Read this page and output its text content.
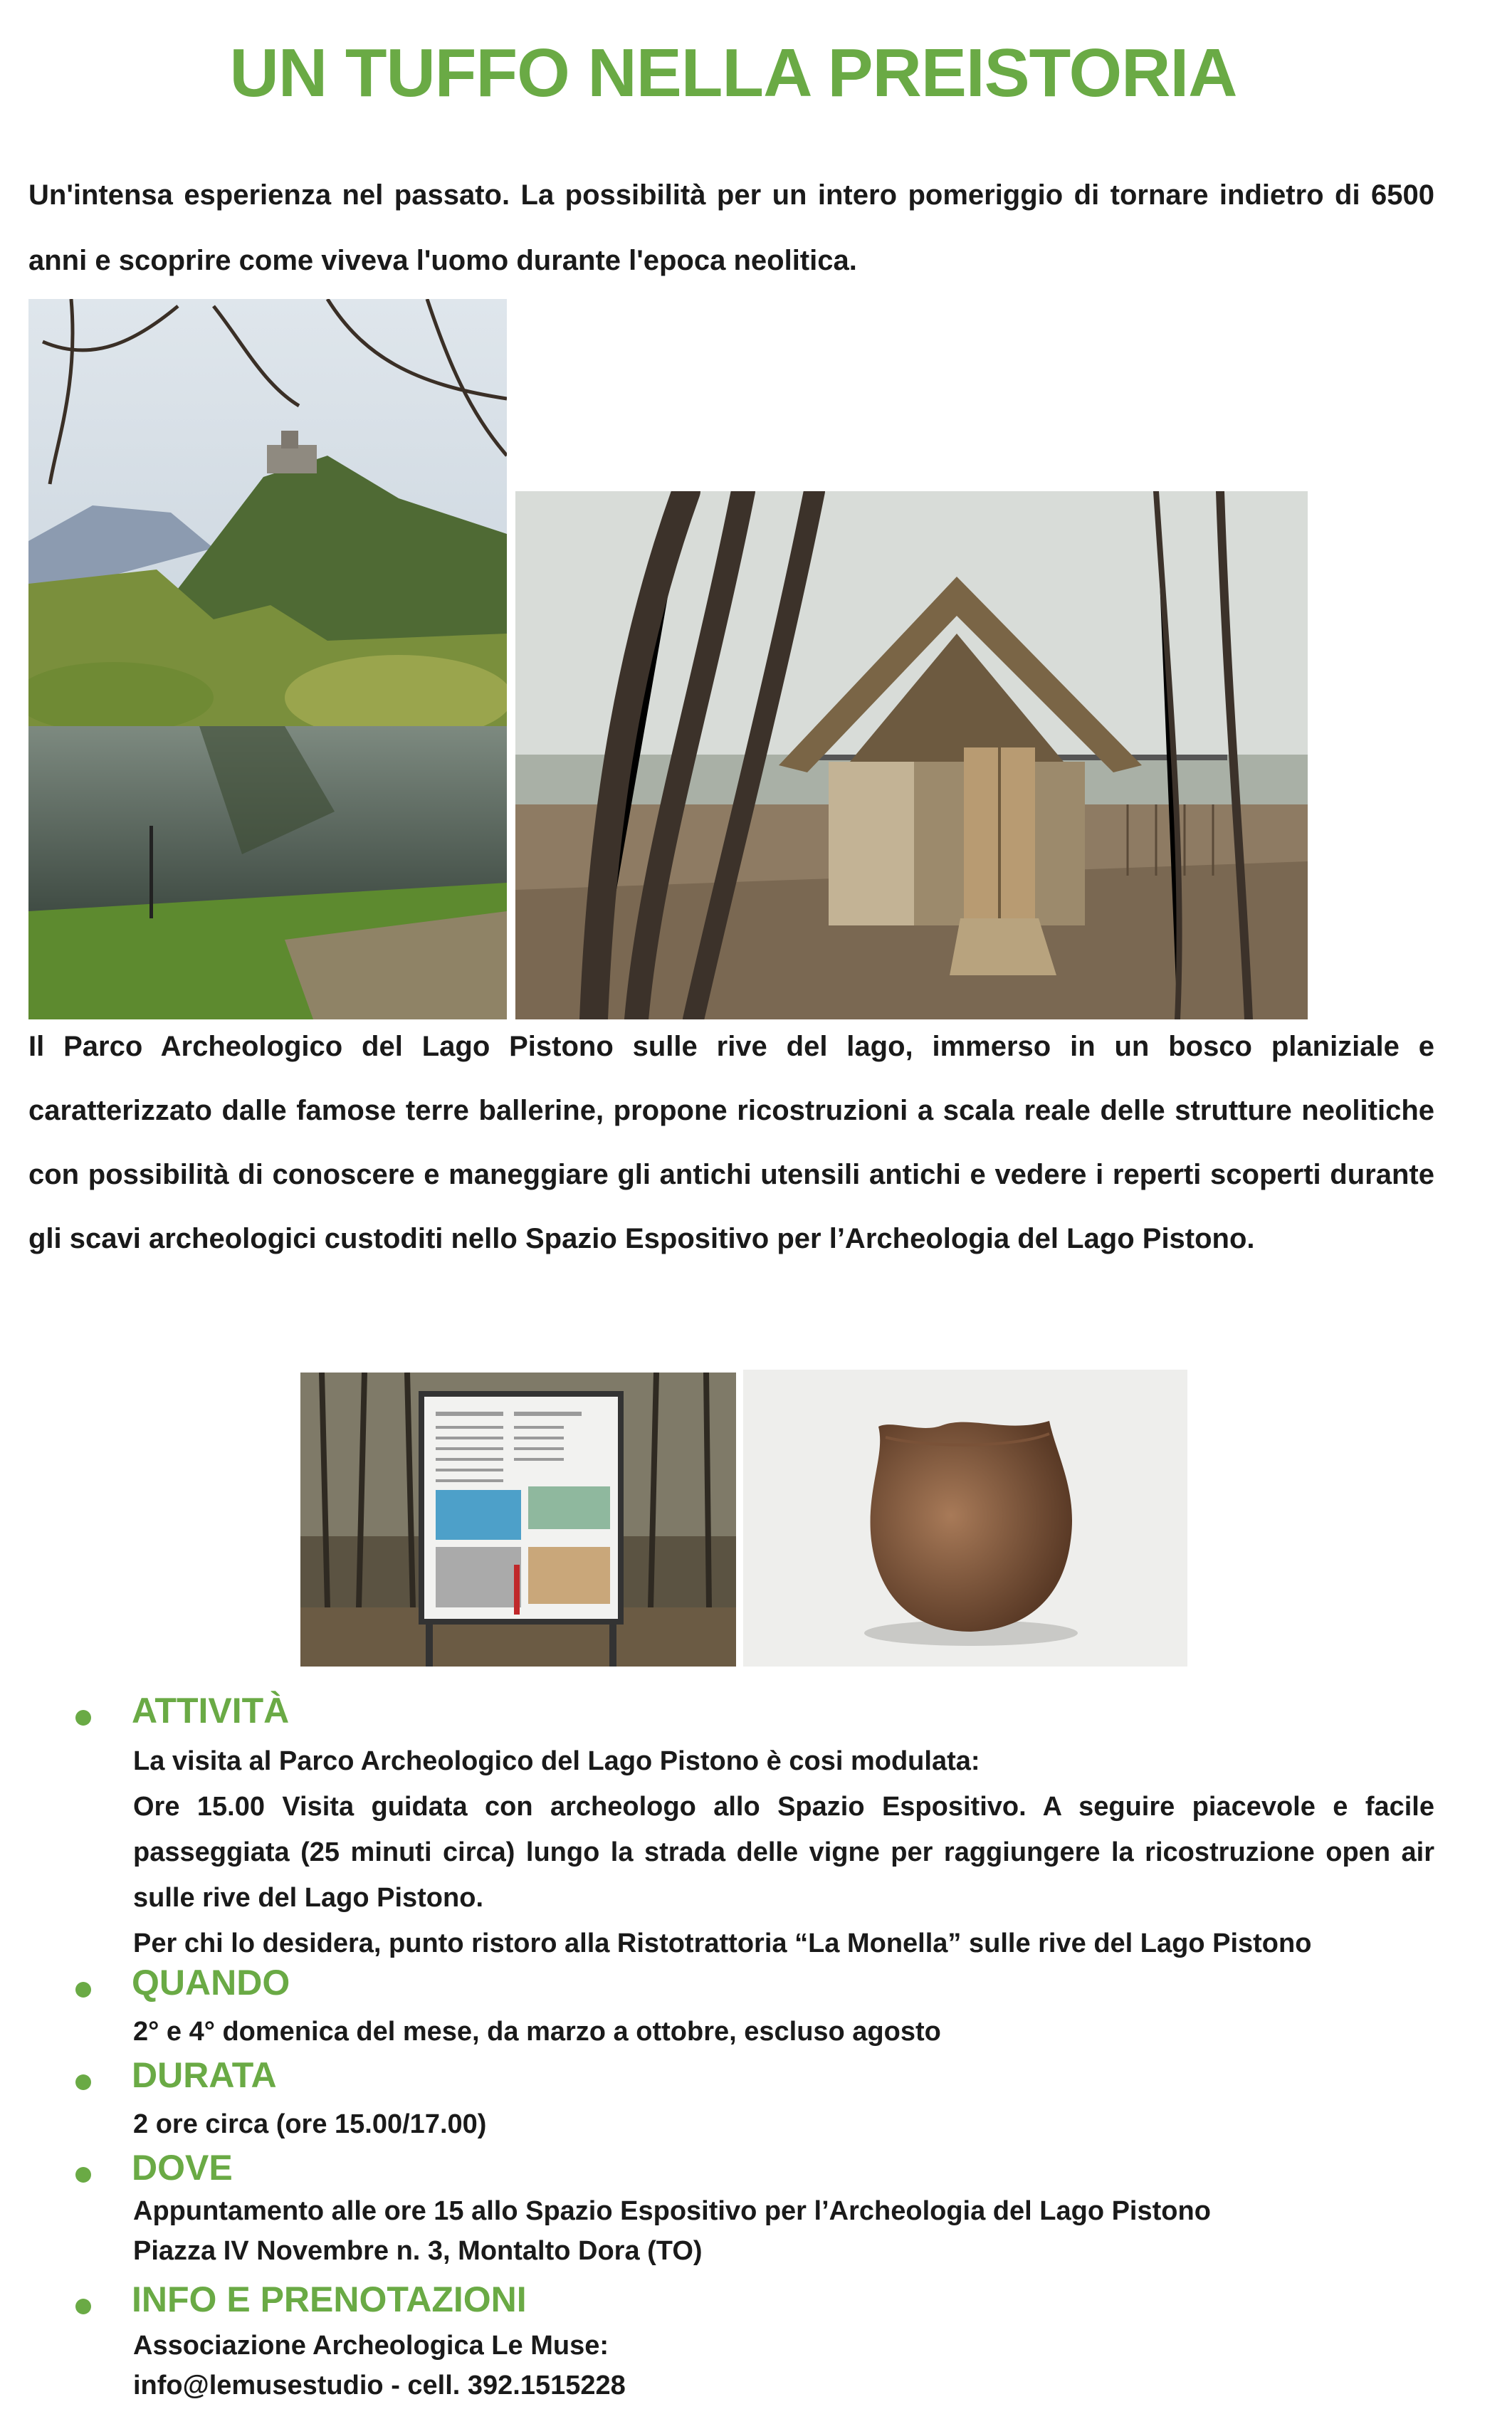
UN TUFFO NELLA PREISTORIA
Un'intensa esperienza nel passato. La possibilità per un intero pomeriggio di tornare indietro di 6500 anni e scoprire come viveva l'uomo durante l'epoca neolitica.
Il Parco Archeologico del Lago Pistono sulle rive del lago, immerso in un bosco planiziale e caratterizzato dalle famose terre ballerine, propone ricostruzioni a scala reale delle strutture neolitiche con possibilità di conoscere e maneggiare gli antichi utensili antichi e vedere i reperti scoperti durante gli scavi archeologici custoditi nello Spazio Espositivo per l’Archeologia del Lago Pistono.
ATTIVITÀ
La visita al Parco Archeologico del Lago Pistono è cosi modulata:
Ore 15.00 Visita guidata con archeologo allo Spazio Espositivo. A seguire piacevole e facile passeggiata (25 minuti circa) lungo la strada delle vigne per raggiungere la ricostruzione open air sulle rive del Lago Pistono.
Per chi lo desidera, punto ristoro alla Ristotrattoria “La Monella” sulle rive del Lago Pistono
QUANDO
2° e 4° domenica del mese, da marzo a ottobre, escluso agosto
DURATA
2 ore circa (ore 15.00/17.00)
DOVE
Appuntamento alle ore 15 allo Spazio Espositivo per l’Archeologia del Lago Pistono
Piazza IV Novembre n. 3, Montalto Dora (TO)
INFO E PRENOTAZIONI
Associazione Archeologica Le Muse:
info@lemusestudio - cell. 392.1515228
